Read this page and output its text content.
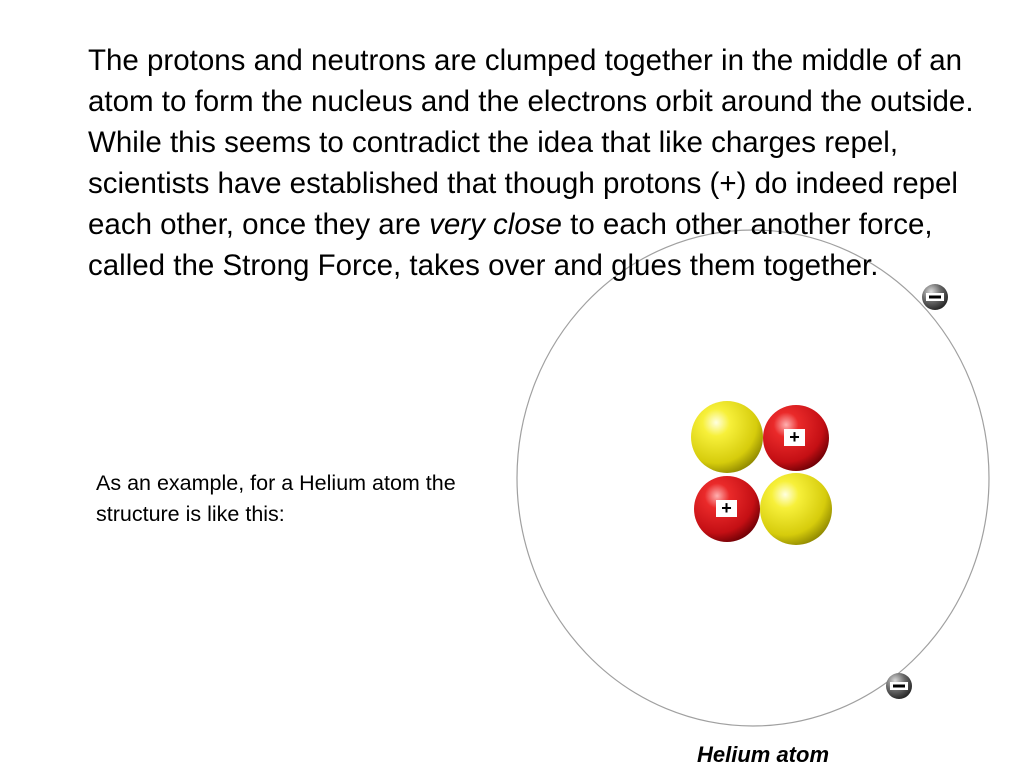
+
+
Helium atom

The protons and neutrons are clumped together in the middle of an atom to form the nucleus and the electrons orbit around the outside. While this seems to contradict the idea that like charges repel, scientists have established that though protons (+) do indeed repel each other, once they are very close to each other another force, called the Strong Force, takes over and glues them together.

As an example, for a Helium atom the structure is like this:
